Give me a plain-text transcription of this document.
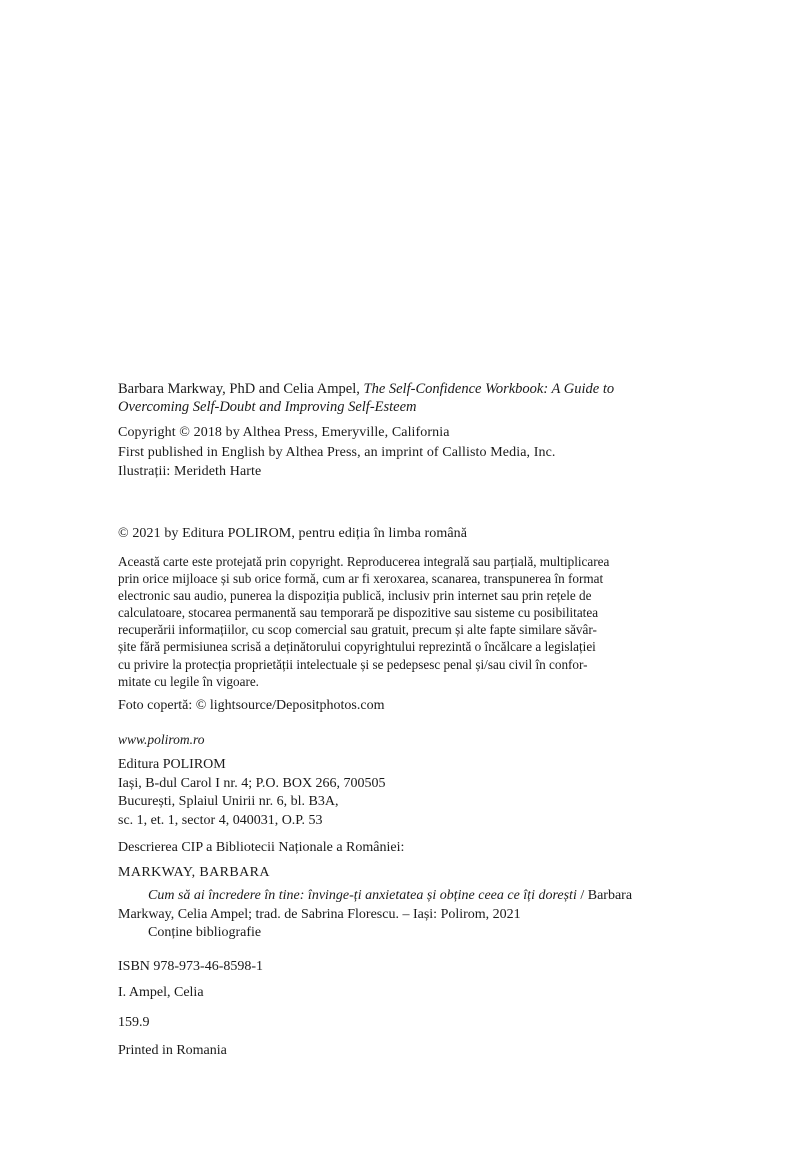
Barbara Markway, PhD and Celia Ampel, The Self-Confidence Workbook: A Guide to
Overcoming Self-Doubt and Improving Self-Esteem
Copyright © 2018 by Althea Press, Emeryville, California
First published in English by Althea Press, an imprint of Callisto Media, Inc.
Ilustrații: Merideth Harte
© 2021 by Editura POLIROM, pentru ediția în limba română
Această carte este protejată prin copyright. Reproducerea integrală sau parțială, multiplicarea
prin orice mijloace și sub orice formă, cum ar fi xeroxarea, scanarea, transpunerea în format
electronic sau audio, punerea la dispoziția publică, inclusiv prin internet sau prin rețele de
calculatoare, stocarea permanentă sau temporară pe dispozitive sau sisteme cu posibilitatea
recuperării informațiilor, cu scop comercial sau gratuit, precum și alte fapte similare săvâr-
șite fără permisiunea scrisă a deținătorului copyrightului reprezintă o încălcare a legislației
cu privire la protecția proprietății intelectuale și se pedepsesc penal și/sau civil în confor-
mitate cu legile în vigoare.
Foto copertă: © lightsource/Depositphotos.com
www.polirom.ro
Editura POLIROM
Iași, B-dul Carol I nr. 4; P.O. BOX 266, 700505
București, Splaiul Unirii nr. 6, bl. B3A,
sc. 1, et. 1, sector 4, 040031, O.P. 53
Descrierea CIP a Bibliotecii Naționale a României:
MARKWAY, BARBARA
Cum să ai încredere în tine: învinge-ți anxietatea și obține ceea ce îți dorești / Barbara
Markway, Celia Ampel; trad. de Sabrina Florescu. – Iași: Polirom, 2021
Conține bibliografie
ISBN 978-973-46-8598-1
I. Ampel, Celia
159.9
Printed in Romania
